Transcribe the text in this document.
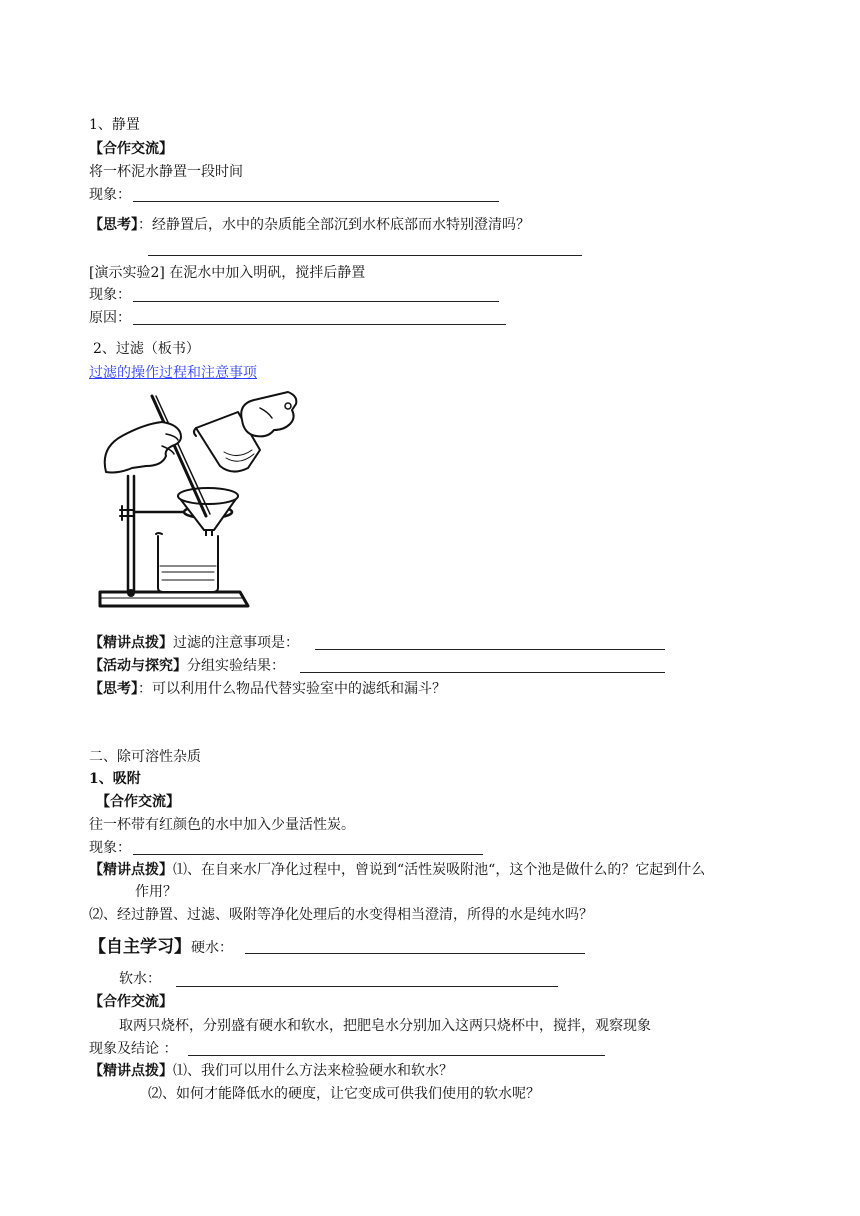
1、静置
【合作交流】
将一杯泥水静置一段时间
现象：
【思考】：经静置后，水中的杂质能全部沉到水杯底部而水特别澄清吗？
[演示实验2] 在泥水中加入明矾，搅拌后静置
现象：
原因：
2、过滤（板书）
过滤的操作过程和注意事项
【精讲点拨】过滤的注意事项是：
【活动与探究】分组实验结果：
【思考】：可以利用什么物品代替实验室中的滤纸和漏斗？
二、除可溶性杂质
1、吸附
【合作交流】
往一杯带有红颜色的水中加入少量活性炭。
现象：
【精讲点拨】⑴、在自来水厂净化过程中，曾说到“活性炭吸附池“，这个池是做什么的？它起到什么
作用？
⑵、经过静置、过滤、吸附等净化处理后的水变得相当澄清，所得的水是纯水吗？
【自主学习】硬水：
软水：
【合作交流】
取两只烧杯，分别盛有硬水和软水，把肥皂水分别加入这两只烧杯中，搅拌，观察现象
现象及结论 ：
【精讲点拨】⑴、我们可以用什么方法来检验硬水和软水？
⑵、如何才能降低水的硬度，让它变成可供我们使用的软水呢？
